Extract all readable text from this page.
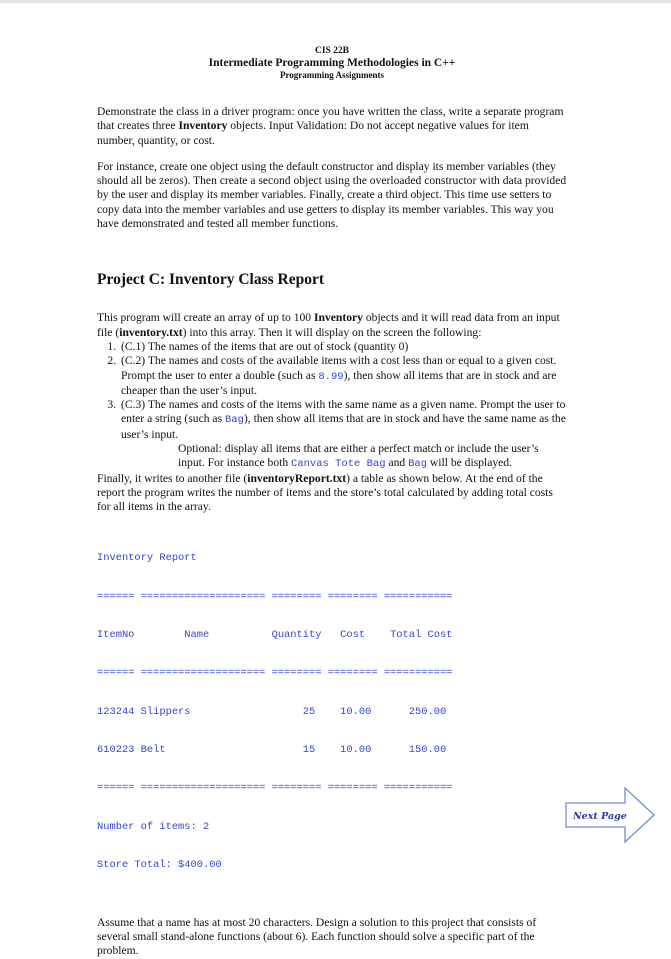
CIS 22B
Intermediate Programming Methodologies in C++
Programming Assignments

Demonstrate the class in a driver program: once you have written the class, write a separate program that creates three Inventory objects. Input Validation: Do not accept negative values for item number, quantity, or cost.

For instance, create one object using the default constructor and display its member variables (they should all be zeros). Then create a second object using the overloaded constructor with data provided by the user and display its member variables. Finally, create a third object. This time use setters to copy data into the member variables and use getters to display its member variables. This way you have demonstrated and tested all member functions.

Project C: Inventory Class Report

This program will create an array of up to 100 Inventory objects and it will read data from an input file (inventory.txt) into this array. Then it will display on the screen the following:

1. (C.1) The names of the items that are out of stock (quantity 0)
2. (C.2) The names and costs of the available items with a cost less than or equal to a given cost. Prompt the user to enter a double (such as 8.99), then show all items that are in stock and are cheaper than the user’s input.
3. (C.3) The names and costs of the items with the same name as a given name. Prompt the user to enter a string (such as Bag), then show all items that are in stock and have the same name as the user’s input.

Optional: display all items that are either a perfect match or include the user’s input. For instance both Canvas Tote Bag and Bag will be displayed.

Finally, it writes to another file (inventoryReport.txt) a table as shown below. At the end of the report the program writes the number of items and the store’s total calculated by adding total costs for all items in the array.

Inventory Report

====== ==================== ======== ======== ===========

ItemNo        Name          Quantity   Cost    Total Cost

====== ==================== ======== ======== ===========

123244 Slippers                  25    10.00      250.00

610223 Belt                      15    10.00      150.00

====== ==================== ======== ======== ===========

Number of items: 2

Store Total: $400.00

Assume that a name has at most 20 characters. Design a solution to this project that consists of several small stand-alone functions (about 6). Each function should solve a specific part of the problem.

Next Page
